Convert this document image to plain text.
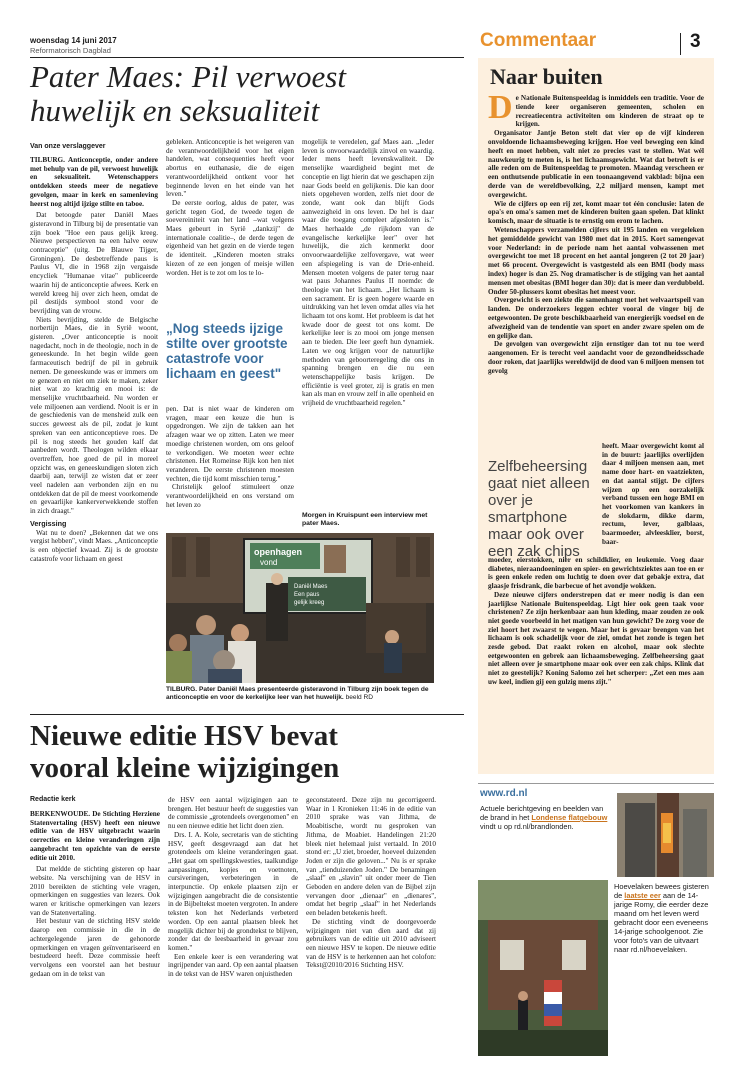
woensdag 14 juni 2017
Reformatorisch Dagblad	Commentaar	3
Pater Maes: Pil verwoest
huwelijk en seksualiteit
Van onze verslaggever

TILBURG. Anticonceptie, onder andere met behulp van de pil, verwoest huwelijk en seksualiteit. Wetenschappers ontdekken steeds meer de negatieve gevolgen, maar in kerk en samenleving heerst nog altijd ijzige stilte en taboe.

Dat betoogde pater Daniël Maes gisteravond in Tilburg bij de presentatie van zijn boek "Hoe een paus gelijk kreeg. Nieuwe perspectieven na een halve eeuw contraceptie" (uitg. De Blauwe Tijger, Groningen). De desbetreffende paus is Paulus VI, die in 1968 zijn vergaisde encycliek "Humanae vitae" publiceerde waarin hij de anticonceptie afwees. Kerk en wereld kreeg hij over zich heen, omdat de pil destijds symbool stond voor de bevrijding van de vrouw.

Niets bevrijding, stelde de Belgische norbertijn Maes, die in Syrië woont, gisteren. „Over anticonceptie is nooit nagedacht, noch in de theologie, noch in de geneeskunde. In het begin wilde geen farmaceutisch bedrijf de pil in gebruik nemen. De geneeskunde was er immers om te genezen en niet om ziek te maken, zeker niet wat zo krachtig en mooi is: de menselijke vruchtbaarheid. Nu worden er vele miljoenen aan verdiend. Nooit is er in de geschiedenis van de mensheid zulk een succes geweest als de pil, zodat je kunt spreken van een anticonceptieve roes. De pil is nog steeds het gouden kalf dat aanbeden wordt. Theologen wilden elkaar overtreffen, hoe goed de pil in moreel opzicht was, en geneeskundigen sloten zich daarbij aan, terwijl ze wisten dat er zeer veel nadelen aan verbonden zijn en nu ontdekken dat de pil de meest voorkomende en gevaarlijke kankerverwekkende stoffen in zich draagt."

Vergissing

Wat nu te doen? „Bekennen dat we ons vergist hebben", vindt Maes. „Anticonceptie is een objectief kwaad. Zij is de grootste catastrofe voor lichaam en geest

gebleken. Anticonceptie is het weigeren van de verantwoordelijkheid voor het eigen handelen, wat consequenties heeft voor abortus en euthanasie, die de eigen verantwoordelijkheid ontkent voor het beginnende leven en het einde van het leven."

De eerste oorlog, aldus de pater, was gericht tegen God, de tweede tegen de soevereiniteit van het land –wat volgens Maes gebeurt in Syrië „dankzij" de internationale coalitie–, de derde tegen de eigenheid van het gezin en de vierde tegen de identiteit. „Kinderen moeten straks kiezen of ze een jongen of meisje willen worden. Het is te zot om los te lo-

„Nog steeds ijzige stilte over grootste catastrofe voor lichaam en geest"

pen. Dat is niet waar de kinderen om vragen, maar een keuze die hun is opgedrongen. We zijn de takken aan het afzagen waar we op zitten. Laten we meer moedige christenen worden, om ons geloof te verkondigen. We moeten weer echte christenen. Het Romeinse Rijk kon hen niet veranderen. De eerste christenen moesten vechten, die tijd komt misschien terug."

Christelijk geloof stimuleert onze verantwoordelijkheid en ons verstand om het leven zo

mogelijk te veredelen, gaf Maes aan. „Ieder leven is onvoorwaardelijk zinvol en waardig. Ieder mens heeft levenskwaliteit. De menselijke waardigheid begint met de conceptie en ligt hierin dat we geschapen zijn naar Gods beeld en gelijkenis. Die kan door niets opgeheven worden, zelfs niet door de zonde, want ook dan blijft Gods aanwezigheid in ons leven. De hel is daar waar die toegang compleet afgesloten is." Maes herhaalde „de rijkdom van de evangelische kerkelijke leer" over het huwelijk, die zich kenmerkt door onvoorwaardelijke zelfovergave, wat weer een afspiegeling is van de Drie-enheid. Mensen moeten volgens de pater terug naar wat paus Johannes Paulus II noemde: de theologie van het lichaam. „Het lichaam is een sacrament. Er is geen hogere waarde en uitdrukking van het leven omdat alles via het lichaam tot ons komt. Het probleem is dat het kwade door de geest tot ons komt. De kerkelijke leer is zo mooi om jonge mensen aan te bieden. Die leer geeft hun dynamiek. Laten we oog krijgen voor de natuurlijke methoden van geboorteregeling die ons in spanning brengen en die nu een wetenschappelijke basis krijgen. De efficiëntie is veel groter, zij is gratis en men kan als man en vrouw zelf in alle openheid en vrijheid de vruchtbaarheid regelen."

Morgen in Kruispunt een interview met pater Maes.
openhagen
vond
Daniël Maes
Een paus
gelijk kreeg
TILBURG. Pater Daniël Maes presenteerde gisteravond in Tilburg zijn boek tegen de anticonceptie en voor de kerkelijke leer van het huwelijk. beeld RD
Nieuwe editie HSV bevat
vooral kleine wijzigingen
Redactie kerk

BERKENWOUDE. De Stichting Herziene Statenvertaling (HSV) heeft een nieuwe editie van de HSV uitgebracht waarin correcties en kleine veranderingen zijn aangebracht ten opzichte van de eerste editie uit 2010.

Dat meldde de stichting gisteren op haar website. Na verschijning van de HSV in 2010 bereikten de stichting vele vragen, opmerkingen en suggesties van lezers. Ook waren er kritische opmerkingen van lezers van de Statenvertaling.

Het bestuur van de stichting HSV stelde daarop een commissie in die in de achtergelegende jaren de gehonorde opmerkingen en vragen geïnventariseerd en bestudeerd heeft. Deze commissie heeft vervolgens een voorstel aan het bestuur gedaan om in de tekst van

de HSV een aantal wijzigingen aan te brengen. Het bestuur heeft de suggesties van de commissie „grotendeels overgenomen" en nu een nieuwe editie het licht doen zien.

Drs. I. A. Kole, secretaris van de stichting HSV, geeft desgevraagd aan dat het grotendeels om kleine veranderingen gaat. „Het gaat om spellingskwesties, taalkundige aanpassingen, kopjes en voetnoten, cursiveringen, verbeteringen in de interpunctie. Op enkele plaatsen zijn er wijzigingen aangebracht die de consistentie in de Bijbeltekst moeten vergroten. In andere teksten kon het Nederlands verbeterd worden. Op een aantal plaatsen bleek het mogelijk dichter bij de grondtekst te blijven, zonder dat de leesbaarheid in gevaar zou komen."

Een enkele keer is een verandering wat ingrijpender van aard. Op een aantal plaatsen in de tekst van de HSV waren onjuistheden

geconstateerd. Deze zijn nu gecorrigeerd. Waar in 1 Kronieken 11:46 in de editie van 2010 sprake was van Jithma, de Moabitische, wordt nu gesproken van Jithma, de Moabiet. Handelingen 21:20 bleek niet helemaal juist vertaald. In 2010 stond er: „U ziet, broeder, hoeveel duizenden Joden er zijn die geloven..." Nu is er sprake van „tienduizenden Joden." De benamingen „slaaf" en „slavin" uit onder meer de Tien Geboden en andere delen van de Bijbel zijn vervangen door „dienaar" en „dienares", omdat het begrip „slaaf" in het Nederlands een beladen betekenis heeft.

De stichting vindt de doorgevoerde wijzigingen niet van dien aard dat zij gebruikers van de editie uit 2010 adviseert een nieuwe HSV te kopen. De nieuwe editie van de HSV is te herkennen aan het colofon: Tekst@2010/2016 Stichting HSV.

Naar buiten

De Nationale Buitenspeeldag is inmiddels een traditie. Voor de tiende keer organiseren gemeenten, scholen en recreatiecentra activiteiten om kinderen de straat op te krijgen.

Organisator Jantje Beton stelt dat vier op de vijf kinderen onvoldoende lichaamsbeweging krijgen. Hoe veel beweging een kind heeft en moet hebben, valt niet zo precies vast te stellen. Wat wél nauwkeurig te meten is, is het lichaamsgewicht. Wat dat betreft is er alle reden om de Buitenspeeldag te promoten. Maandag verscheen er een onthutsende publicatie in een toonaangevend vakblad: bijna een derde van de wereldbevolking, 2,2 miljard mensen, kampt met overgewicht.

Wie de cijfers op een rij zet, komt maar tot één conclusie: laten de opa's en oma's samen met de kinderen buiten gaan spelen. Dat klinkt komisch, maar de situatie is te ernstig om erom te lachen.

Wetenschappers verzamelden cijfers uit 195 landen en vergeleken het gemiddelde gewicht van 1980 met dat in 2015. Kort samengevat voor Nederland: in de periode nam het aantal volwassenen met overgewicht toe met 18 procent en het aantal jongeren (2 tot 20 jaar) met 66 procent. Overgewicht is vastgesteld als een BMI (body mass index) hoger is dan 25. Nog dramatischer is de stijging van het aantal mensen met obesitas (BMI hoger dan 30): dat is meer dan verdubbeld. Onder 50-plussers komt obesitas het meest voor.

Overgewicht is een ziekte die samenhangt met het welvaartspeil van landen. De onderzoekers leggen echter vooral de vinger bij de eetgewoonten. De grote beschikbaarheid van energierijk voedsel en de afwezigheid van de tendentie van sport en ander zware spelen om de en gelijke dan.

De gevolgen van overgewicht zijn ernstiger dan tot nu toe werd aangenomen. Er is terecht veel aandacht voor de gezondheidsschade door roken, dat jaarlijks wereldwijd de dood van 6 miljoen mensen tot gevolg

Zelfbeheersing gaat niet alleen over je smartphone maar ook over een zak chips
heeft. Maar overgewicht komt al in de buurt: jaarlijks overlijden daar 4 miljoen mensen aan, met name door hart- en vaatziekten, en dat aantal stijgt. De cijfers wijzen op een oorzakelijk verband tussen een hoge BMI en het voorkomen van kankers in de slokdarm, dikke darm, rectum, lever, galblaas, baarmoeder, alvleesklier, borst, baar-

moeder, eierstokken, nier en schildklier, en leukemie. Voeg daar diabetes, nieraandoeningen en spier- en gewrichtsziektes aan toe en er is geen enkele reden om luchtig te doen over dat gebakje extra, dat glaasje frisdrank, die barbecue of het avondje wokken.

Deze nieuwe cijfers onderstrepen dat er meer nodig is dan een jaarlijkse Nationale Buitenspeeldag. Ligt hier ook geen taak voor christenen? Ze zijn herkenbaar aan hun kleding, maar zouden ze ook niet goede voorbeeld in het matigen van hun gewicht? De zorg voor de ziel hoort het zwaarst te wegen. Maar het is gevaar brengen van het lichaam is ook schadelijk voor de ziel, omdat het zonde is tegen het zesde gebod. Dat raakt roken en alcohol, maar ook slechte eetgewoonten en gebrek aan lichaamsbeweging. Zelfbeheersing gaat niet alleen over je smartphone maar ook over een zak chips. Klink dat niet zo geestelijk? Koning Salomo zei het scherper: „Zet een mes aan uw keel, indien gij een gulzig mens zijt."

www.rd.nl
Actuele berichtgeving en beelden van de brand in het Londense flatgebouw vindt u op rd.nl/brandlonden.
Hoevelaken bewees gisteren de laatste eer aan de 14-jarige Romy, die eerder deze maand om het leven werd gebracht door een eveneens 14-jarige schoolgenoot. Zie voor foto's van de uitvaart naar rd.nl/hoevelaken.
